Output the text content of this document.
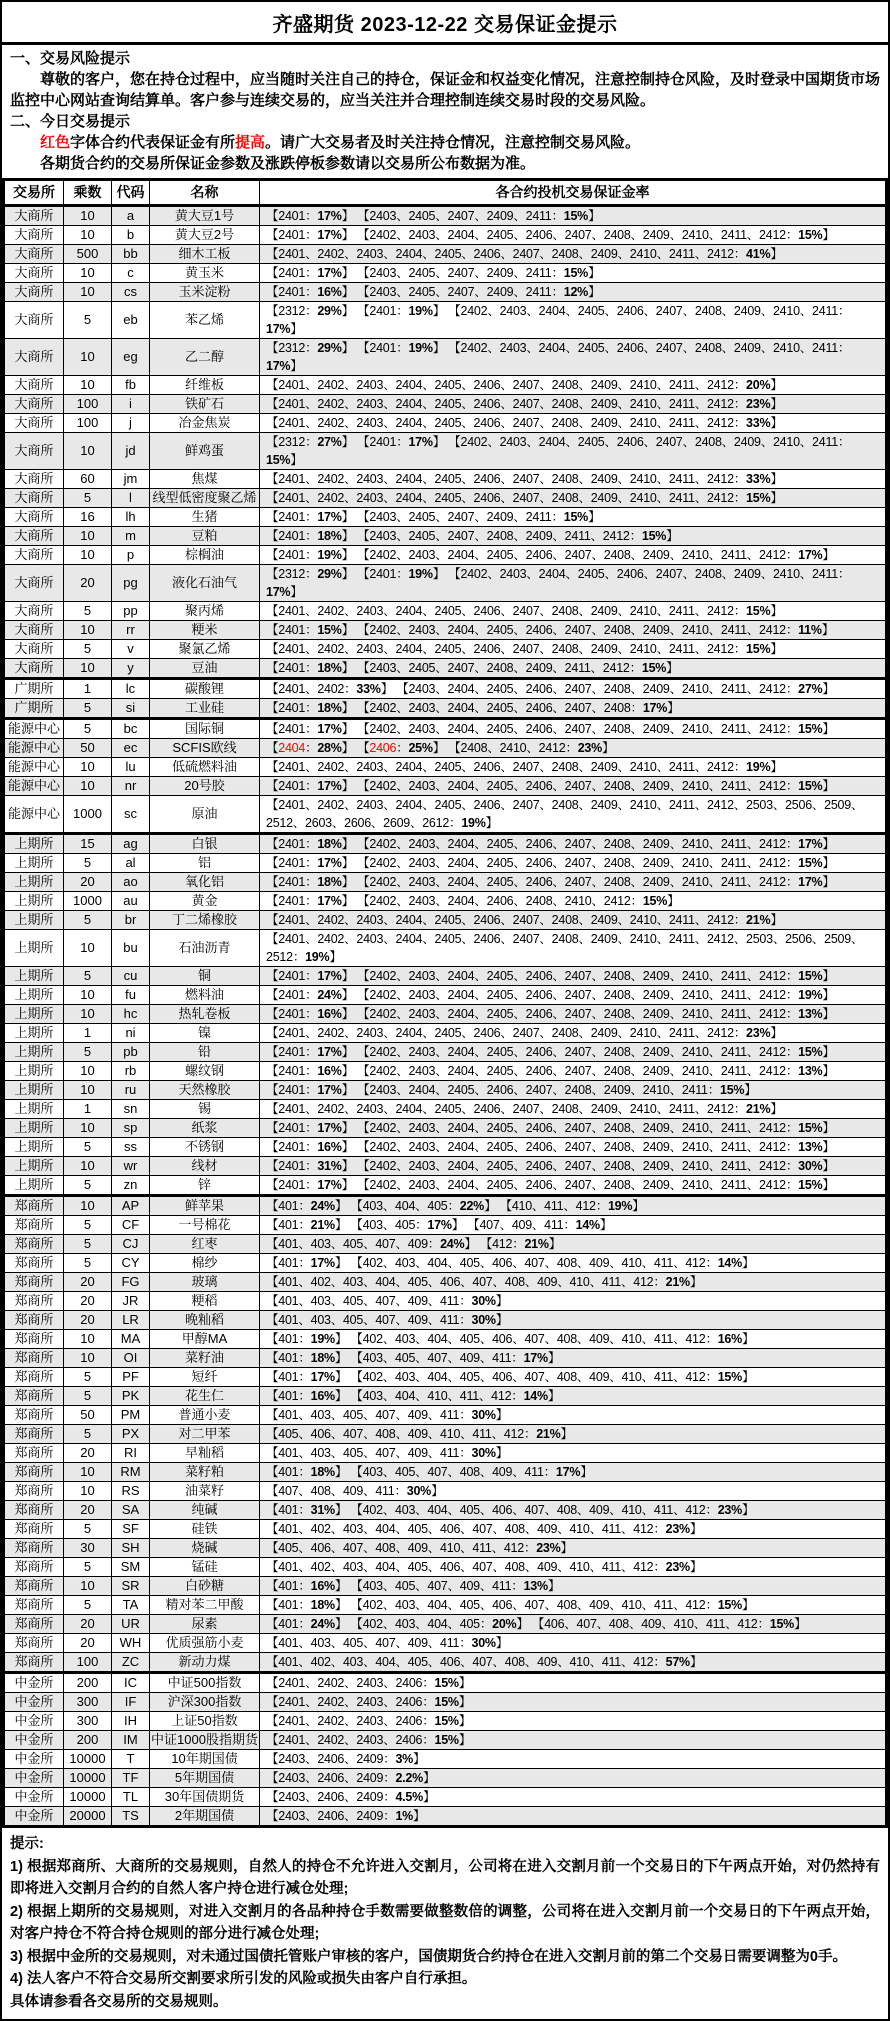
齐盛期货 2023-12-22 交易保证金提示

一、交易风险提示

尊敬的客户，您在持仓过程中，应当随时关注自己的持仓，保证金和权益变化情况，注意控制持仓风险，及时登录中国期货市场监控中心网站查询结算单。客户参与连续交易的，应当关注并合理控制连续交易时段的交易风险。

二、今日交易提示

红色字体合约代表保证金有所提高。请广大交易者及时关注持仓情况，注意控制交易风险。

各期货合约的交易所保证金参数及涨跌停板参数请以交易所公布数据为准。

交易所	乘数	代码	名称	各合约投机交易保证金率
大商所	10	a	黄大豆1号	【2401：17%】 【2403、2405、2407、2409、2411：15%】
大商所	10	b	黄大豆2号	【2401：17%】 【2402、2403、2404、2405、2406、2407、2408、2409、2410、2411、2412：15%】
大商所	500	bb	细木工板	【2401、2402、2403、2404、2405、2406、2407、2408、2409、2410、2411、2412：41%】
大商所	10	c	黄玉米	【2401：17%】 【2403、2405、2407、2409、2411：15%】
大商所	10	cs	玉米淀粉	【2401：16%】 【2403、2405、2407、2409、2411：12%】
大商所	5	eb	苯乙烯	【2312：29%】 【2401：19%】 【2402、2403、2404、2405、2406、2407、2408、2409、2410、2411：17%】
大商所	10	eg	乙二醇	【2312：29%】 【2401：19%】 【2402、2403、2404、2405、2406、2407、2408、2409、2410、2411：17%】
大商所	10	fb	纤维板	【2401、2402、2403、2404、2405、2406、2407、2408、2409、2410、2411、2412：20%】
大商所	100	i	铁矿石	【2401、2402、2403、2404、2405、2406、2407、2408、2409、2410、2411、2412：23%】
大商所	100	j	冶金焦炭	【2401、2402、2403、2404、2405、2406、2407、2408、2409、2410、2411、2412：33%】
大商所	10	jd	鲜鸡蛋	【2312：27%】 【2401：17%】 【2402、2403、2404、2405、2406、2407、2408、2409、2410、2411：15%】
大商所	60	jm	焦煤	【2401、2402、2403、2404、2405、2406、2407、2408、2409、2410、2411、2412：33%】
大商所	5	l	线型低密度聚乙烯	【2401、2402、2403、2404、2405、2406、2407、2408、2409、2410、2411、2412：15%】
大商所	16	lh	生猪	【2401：17%】 【2403、2405、2407、2409、2411：15%】
大商所	10	m	豆粕	【2401：18%】 【2403、2405、2407、2408、2409、2411、2412：15%】
大商所	10	p	棕榈油	【2401：19%】 【2402、2403、2404、2405、2406、2407、2408、2409、2410、2411、2412：17%】
大商所	20	pg	液化石油气	【2312：29%】 【2401：19%】 【2402、2403、2404、2405、2406、2407、2408、2409、2410、2411：17%】
大商所	5	pp	聚丙烯	【2401、2402、2403、2404、2405、2406、2407、2408、2409、2410、2411、2412：15%】
大商所	10	rr	粳米	【2401：15%】 【2402、2403、2404、2405、2406、2407、2408、2409、2410、2411、2412：11%】
大商所	5	v	聚氯乙烯	【2401、2402、2403、2404、2405、2406、2407、2408、2409、2410、2411、2412：15%】
大商所	10	y	豆油	【2401：18%】 【2403、2405、2407、2408、2409、2411、2412：15%】
广期所	1	lc	碳酸锂	【2401、2402：33%】 【2403、2404、2405、2406、2407、2408、2409、2410、2411、2412：27%】
广期所	5	si	工业硅	【2401：18%】 【2402、2403、2404、2405、2406、2407、2408：17%】
能源中心	5	bc	国际铜	【2401：17%】 【2402、2403、2404、2405、2406、2407、2408、2409、2410、2411、2412：15%】
能源中心	50	ec	SCFIS欧线	【2404：28%】 【2406：25%】 【2408、2410、2412：23%】
能源中心	10	lu	低硫燃料油	【2401、2402、2403、2404、2405、2406、2407、2408、2409、2410、2411、2412：19%】
能源中心	10	nr	20号胶	【2401：17%】 【2402、2403、2404、2405、2406、2407、2408、2409、2410、2411、2412：15%】
能源中心	1000	sc	原油	【2401、2402、2403、2404、2405、2406、2407、2408、2409、2410、2411、2412、2503、2506、2509、2512、2603、2606、2609、2612：19%】
上期所	15	ag	白银	【2401：18%】 【2402、2403、2404、2405、2406、2407、2408、2409、2410、2411、2412：17%】
上期所	5	al	铝	【2401：17%】 【2402、2403、2404、2405、2406、2407、2408、2409、2410、2411、2412：15%】
上期所	20	ao	氧化铝	【2401：18%】 【2402、2403、2404、2405、2406、2407、2408、2409、2410、2411、2412：17%】
上期所	1000	au	黄金	【2401：17%】 【2402、2403、2404、2406、2408、2410、2412：15%】
上期所	5	br	丁二烯橡胶	【2401、2402、2403、2404、2405、2406、2407、2408、2409、2410、2411、2412：21%】
上期所	10	bu	石油沥青	【2401、2402、2403、2404、2405、2406、2407、2408、2409、2410、2411、2412、2503、2506、2509、2512：19%】
上期所	5	cu	铜	【2401：17%】 【2402、2403、2404、2405、2406、2407、2408、2409、2410、2411、2412：15%】
上期所	10	fu	燃料油	【2401：24%】 【2402、2403、2404、2405、2406、2407、2408、2409、2410、2411、2412：19%】
上期所	10	hc	热轧卷板	【2401：16%】 【2402、2403、2404、2405、2406、2407、2408、2409、2410、2411、2412：13%】
上期所	1	ni	镍	【2401、2402、2403、2404、2405、2406、2407、2408、2409、2410、2411、2412：23%】
上期所	5	pb	铅	【2401：17%】 【2402、2403、2404、2405、2406、2407、2408、2409、2410、2411、2412：15%】
上期所	10	rb	螺纹钢	【2401：16%】 【2402、2403、2404、2405、2406、2407、2408、2409、2410、2411、2412：13%】
上期所	10	ru	天然橡胶	【2401：17%】 【2403、2404、2405、2406、2407、2408、2409、2410、2411：15%】
上期所	1	sn	锡	【2401、2402、2403、2404、2405、2406、2407、2408、2409、2410、2411、2412：21%】
上期所	10	sp	纸浆	【2401：17%】 【2402、2403、2404、2405、2406、2407、2408、2409、2410、2411、2412：15%】
上期所	5	ss	不锈钢	【2401：16%】 【2402、2403、2404、2405、2406、2407、2408、2409、2410、2411、2412：13%】
上期所	10	wr	线材	【2401：31%】 【2402、2403、2404、2405、2406、2407、2408、2409、2410、2411、2412：30%】
上期所	5	zn	锌	【2401：17%】 【2402、2403、2404、2405、2406、2407、2408、2409、2410、2411、2412：15%】
郑商所	10	AP	鲜苹果	【401：24%】 【403、404、405：22%】 【410、411、412：19%】
郑商所	5	CF	一号棉花	【401：21%】 【403、405：17%】 【407、409、411：14%】
郑商所	5	CJ	红枣	【401、403、405、407、409：24%】 【412：21%】
郑商所	5	CY	棉纱	【401：17%】 【402、403、404、405、406、407、408、409、410、411、412：14%】
郑商所	20	FG	玻璃	【401、402、403、404、405、406、407、408、409、410、411、412：21%】
郑商所	20	JR	粳稻	【401、403、405、407、409、411：30%】
郑商所	20	LR	晚籼稻	【401、403、405、407、409、411：30%】
郑商所	10	MA	甲醇MA	【401：19%】 【402、403、404、405、406、407、408、409、410、411、412：16%】
郑商所	10	OI	菜籽油	【401：18%】 【403、405、407、409、411：17%】
郑商所	5	PF	短纤	【401：17%】 【402、403、404、405、406、407、408、409、410、411、412：15%】
郑商所	5	PK	花生仁	【401：16%】 【403、404、410、411、412：14%】
郑商所	50	PM	普通小麦	【401、403、405、407、409、411：30%】
郑商所	5	PX	对二甲苯	【405、406、407、408、409、410、411、412：21%】
郑商所	20	RI	早籼稻	【401、403、405、407、409、411：30%】
郑商所	10	RM	菜籽粕	【401：18%】 【403、405、407、408、409、411：17%】
郑商所	10	RS	油菜籽	【407、408、409、411：30%】
郑商所	20	SA	纯碱	【401：31%】 【402、403、404、405、406、407、408、409、410、411、412：23%】
郑商所	5	SF	硅铁	【401、402、403、404、405、406、407、408、409、410、411、412：23%】
郑商所	30	SH	烧碱	【405、406、407、408、409、410、411、412：23%】
郑商所	5	SM	锰硅	【401、402、403、404、405、406、407、408、409、410、411、412：23%】
郑商所	10	SR	白砂糖	【401：16%】 【403、405、407、409、411：13%】
郑商所	5	TA	精对苯二甲酸	【401：18%】 【402、403、404、405、406、407、408、409、410、411、412：15%】
郑商所	20	UR	尿素	【401：24%】 【402、403、404、405：20%】 【406、407、408、409、410、411、412：15%】
郑商所	20	WH	优质强筋小麦	【401、403、405、407、409、411：30%】
郑商所	100	ZC	新动力煤	【401、402、403、404、405、406、407、408、409、410、411、412：57%】
中金所	200	IC	中证500指数	【2401、2402、2403、2406：15%】
中金所	300	IF	沪深300指数	【2401、2402、2403、2406：15%】
中金所	300	IH	上证50指数	【2401、2402、2403、2406：15%】
中金所	200	IM	中证1000股指期货	【2401、2402、2403、2406：15%】
中金所	10000	T	10年期国债	【2403、2406、2409：3%】
中金所	10000	TF	5年期国债	【2403、2406、2409：2.2%】
中金所	10000	TL	30年国债期货	【2403、2406、2409：4.5%】
中金所	20000	TS	2年期国债	【2403、2406、2409：1%】

提示:

1) 根据郑商所、大商所的交易规则，自然人的持仓不允许进入交割月，公司将在进入交割月前一个交易日的下午两点开始，对仍然持有即将进入交割月合约的自然人客户持仓进行减仓处理;

2) 根据上期所的交易规则，对进入交割月的各品种持仓手数需要做整数倍的调整，公司将在进入交割月前一个交易日的下午两点开始，对客户持仓不符合持仓规则的部分进行减仓处理;

3) 根据中金所的交易规则，对未通过国债托管账户审核的客户，国债期货合约持仓在进入交割月前的第二个交易日需要调整为0手。

4) 法人客户不符合交易所交割要求所引发的风险或损失由客户自行承担。

具体请参看各交易所的交易规则。
